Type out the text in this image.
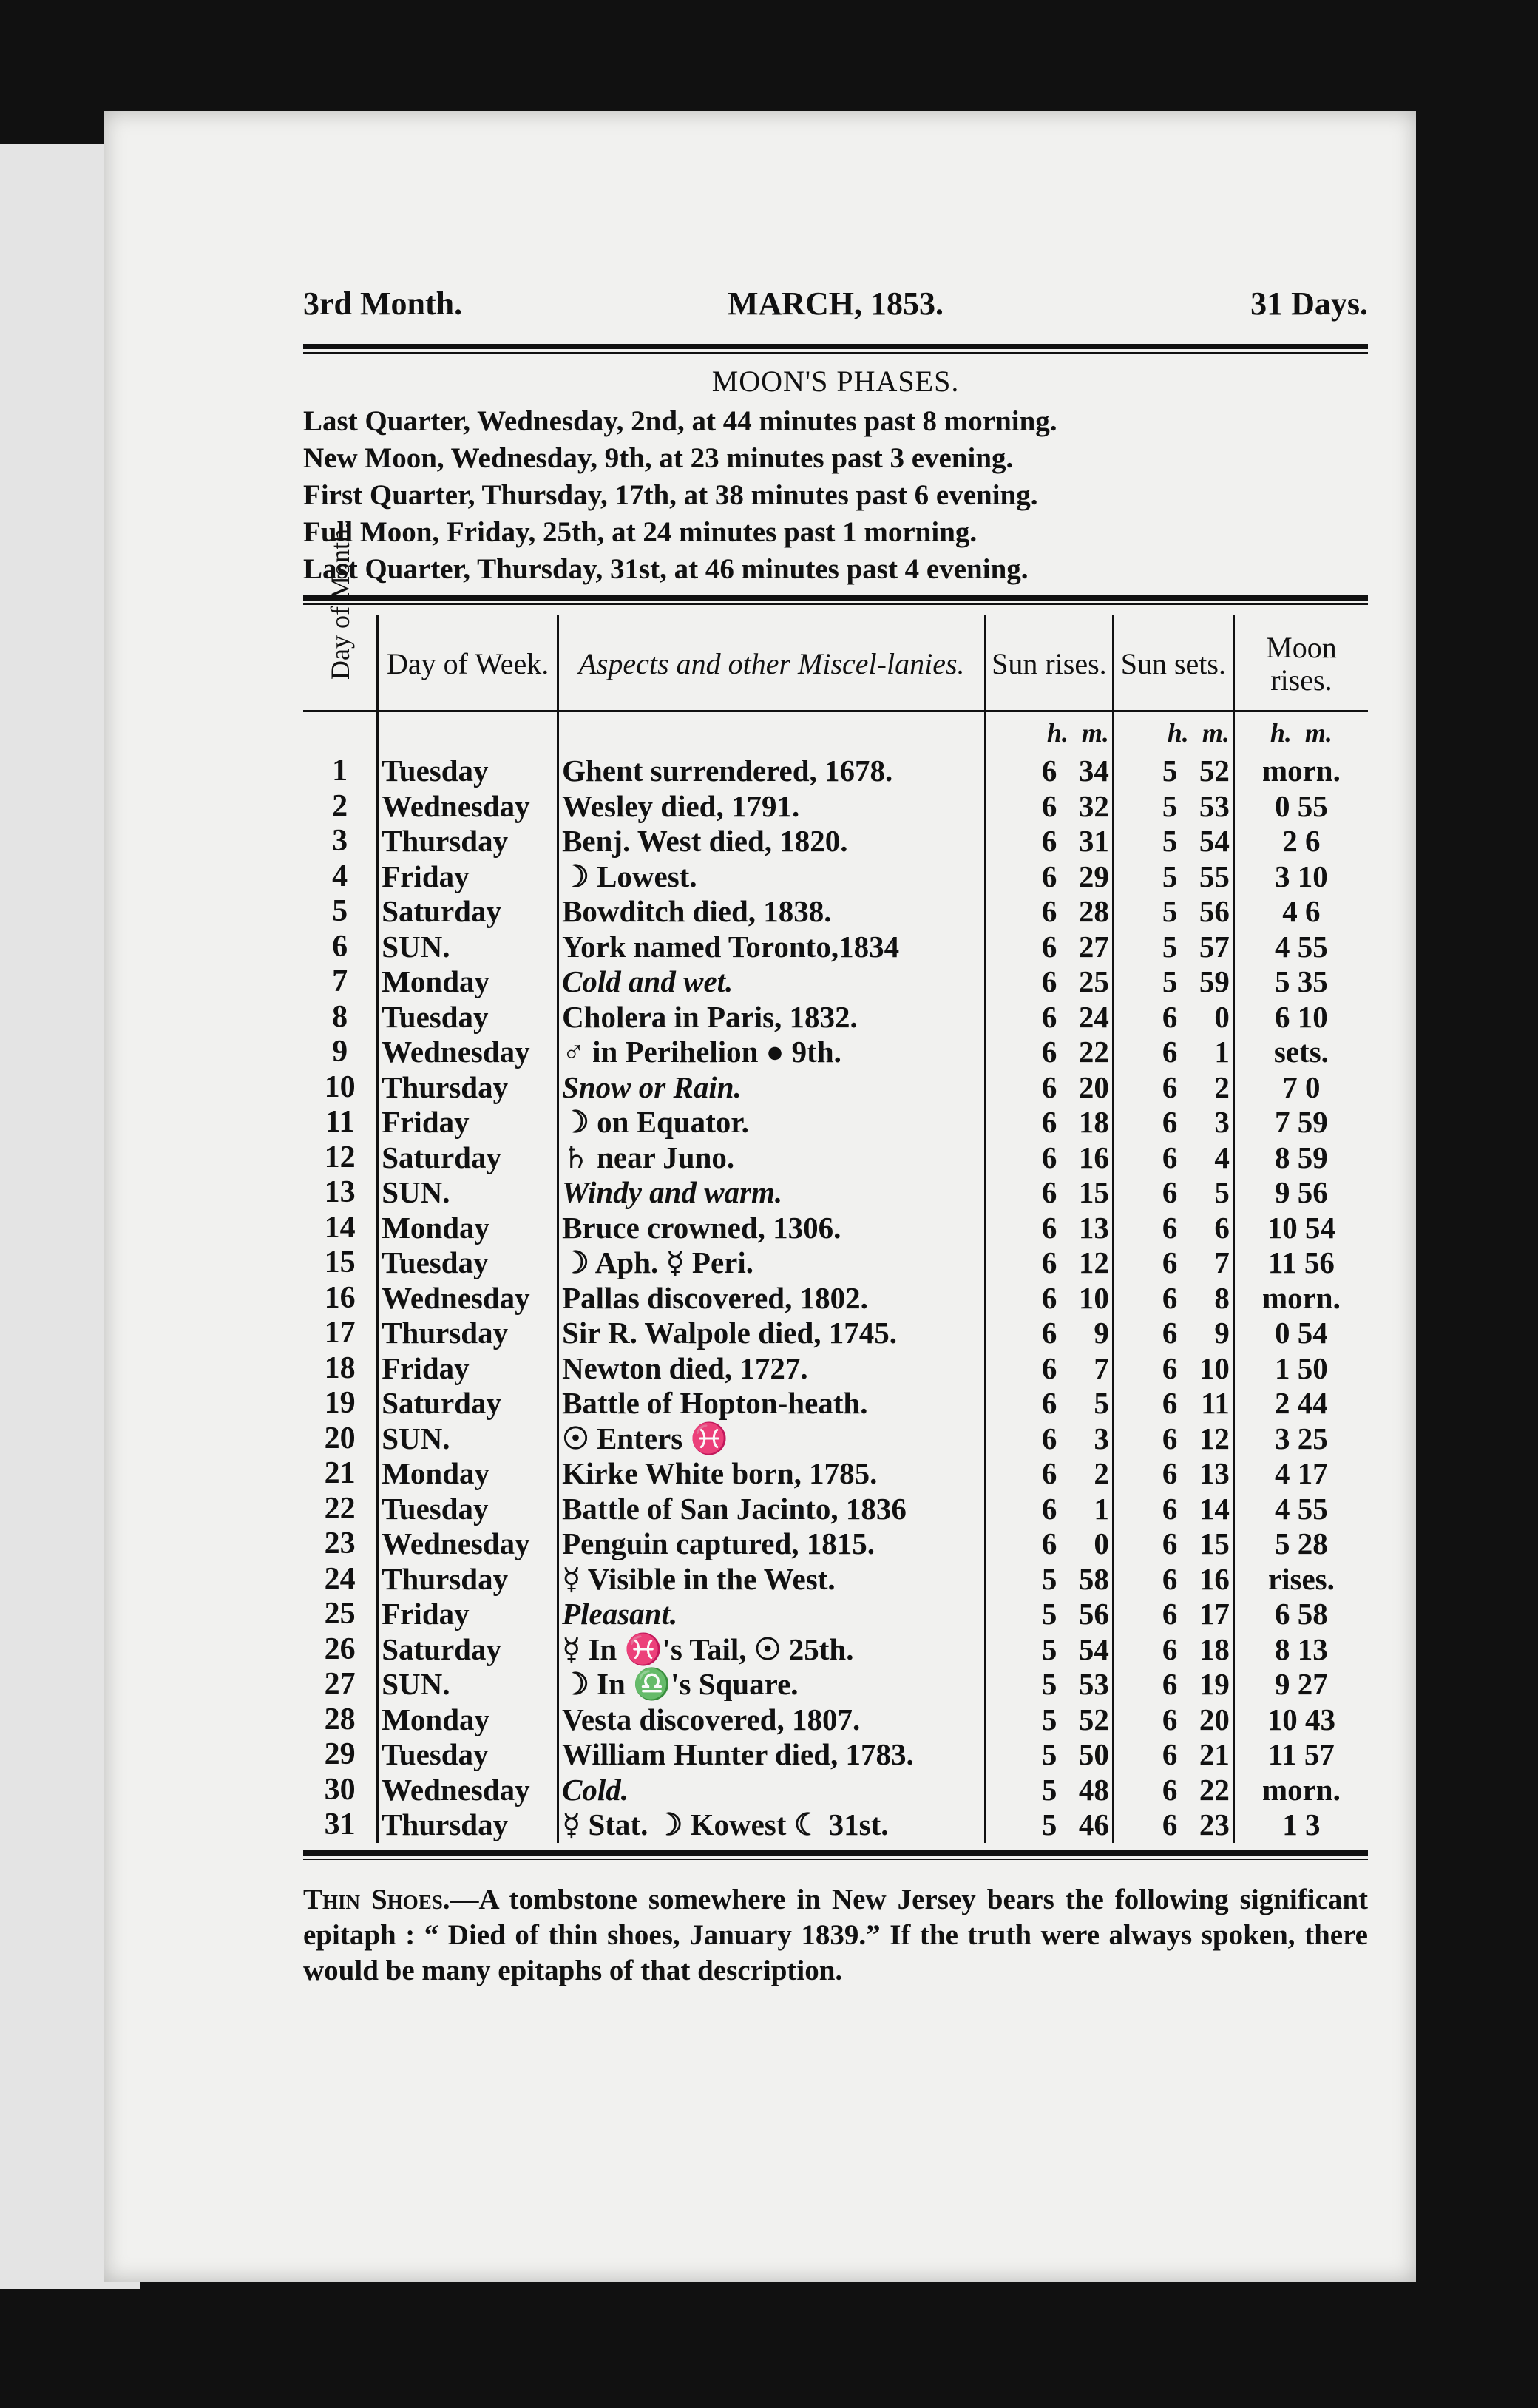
3rd Month.	MARCH, 1853.	31 Days.
MOON'S PHASES.
Last Quarter, Wednesday, 2nd, at 44 minutes past 8 morning.
New Moon, Wednesday, 9th, at 23 minutes past 3 evening.
First Quarter, Thursday, 17th, at 38 minutes past 6 evening.
Full Moon, Friday, 25th, at 24 minutes past 1 morning.
Last Quarter, Thursday, 31st, at 46 minutes past 4 evening.
Day of Month.	Day of Week.	Aspects and other Miscel-lanies.	Sun rises.	Sun sets.	Moon rises.
			h. m.	h. m.	h. m.
1	Tuesday	Ghent surrendered, 1678.	6 34	5 52	morn.
2	Wednesday	Wesley died, 1791.	6 32	5 53	0 55
3	Thursday	Benj. West died, 1820.	6 31	5 54	2 6
4	Friday	☽ Lowest.	6 29	5 55	3 10
5	Saturday	Bowditch died, 1838.	6 28	5 56	4 6
6	SUN.	York named Toronto,1834	6 27	5 57	4 55
7	Monday	Cold and wet.	6 25	5 59	5 35
8	Tuesday	Cholera in Paris, 1832.	6 24	6 0	6 10
9	Wednesday	♂ in Perihelion ● 9th.	6 22	6 1	sets.
10	Thursday	Snow or Rain.	6 20	6 2	7 0
11	Friday	☽ on Equator.	6 18	6 3	7 59
12	Saturday	♄ near Juno.	6 16	6 4	8 59
13	SUN.	Windy and warm.	6 15	6 5	9 56
14	Monday	Bruce crowned, 1306.	6 13	6 6	10 54
15	Tuesday	☽ Aph. ☿ Peri.	6 12	6 7	11 56
16	Wednesday	Pallas discovered, 1802.	6 10	6 8	morn.
17	Thursday	Sir R. Walpole died, 1745.	6 9	6 9	0 54
18	Friday	Newton died, 1727.	6 7	6 10	1 50
19	Saturday	Battle of Hopton-heath.	6 5	6 11	2 44
20	SUN.	☉ Enters ♓	6 3	6 12	3 25
21	Monday	Kirke White born, 1785.	6 2	6 13	4 17
22	Tuesday	Battle of San Jacinto, 1836	6 1	6 14	4 55
23	Wednesday	Penguin captured, 1815.	6 0	6 15	5 28
24	Thursday	☿ Visible in the West.	5 58	6 16	rises.
25	Friday	Pleasant.	5 56	6 17	6 58
26	Saturday	☿ In ♓'s Tail, ☉ 25th.	5 54	6 18	8 13
27	SUN.	☽ In ♎'s Square.	5 53	6 19	9 27
28	Monday	Vesta discovered, 1807.	5 52	6 20	10 43
29	Tuesday	William Hunter died, 1783.	5 50	6 21	11 57
30	Wednesday	Cold.	5 48	6 22	morn.
31	Thursday	☿ Stat. ☽ Kowest ☾ 31st.	5 46	6 23	1 3
Thin Shoes.—A tombstone somewhere in New Jersey bears the following significant epitaph : “ Died of thin shoes, January 1839.” If the truth were always spoken, there would be many epitaphs of that description.
